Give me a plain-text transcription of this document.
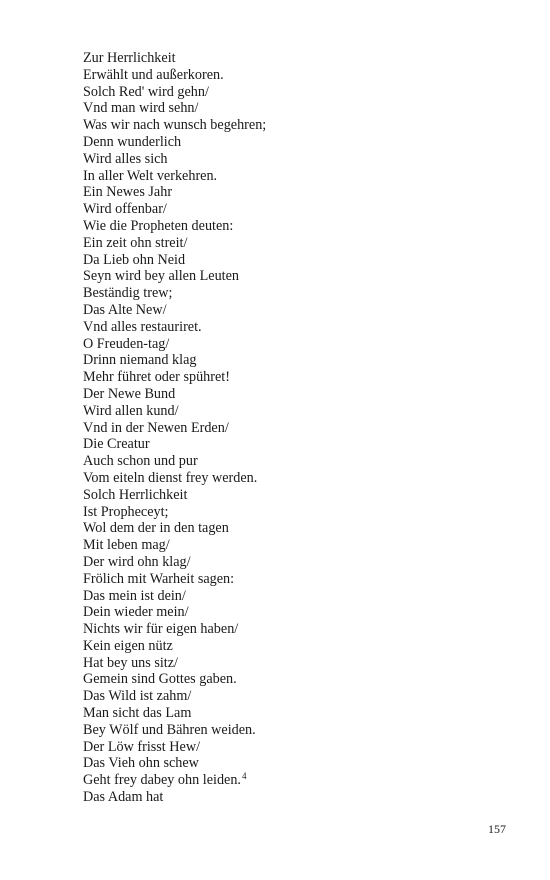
Zur Herrlichkeit
Erwählt und außerkoren.
Solch Red' wird gehn/
Vnd man wird sehn/
Was wir nach wunsch begehren;
Denn wunderlich
Wird alles sich
In aller Welt verkehren.
Ein Newes Jahr
Wird offenbar/
Wie die Propheten deuten:
Ein zeit ohn streit/
Da Lieb ohn Neid
Seyn wird bey allen Leuten
Beständig trew;
Das Alte New/
Vnd alles restauriret.
O Freuden-tag/
Drinn niemand klag
Mehr führet oder spühret!
Der Newe Bund
Wird allen kund/
Vnd in der Newen Erden/
Die Creatur
Auch schon und pur
Vom eiteln dienst frey werden.
Solch Herrlichkeit
Ist Propheceyt;
Wol dem der in den tagen
Mit leben mag/
Der wird ohn klag/
Frölich mit Warheit sagen:
Das mein ist dein/
Dein wieder mein/
Nichts wir für eigen haben/
Kein eigen nütz
Hat bey uns sitz/
Gemein sind Gottes gaben.
Das Wild ist zahm/
Man sicht das Lam
Bey Wölf und Bähren weiden.
Der Löw frisst Hew/
Das Vieh ohn schew
Geht frey dabey ohn leiden.$^4$
Das Adam hat
157
